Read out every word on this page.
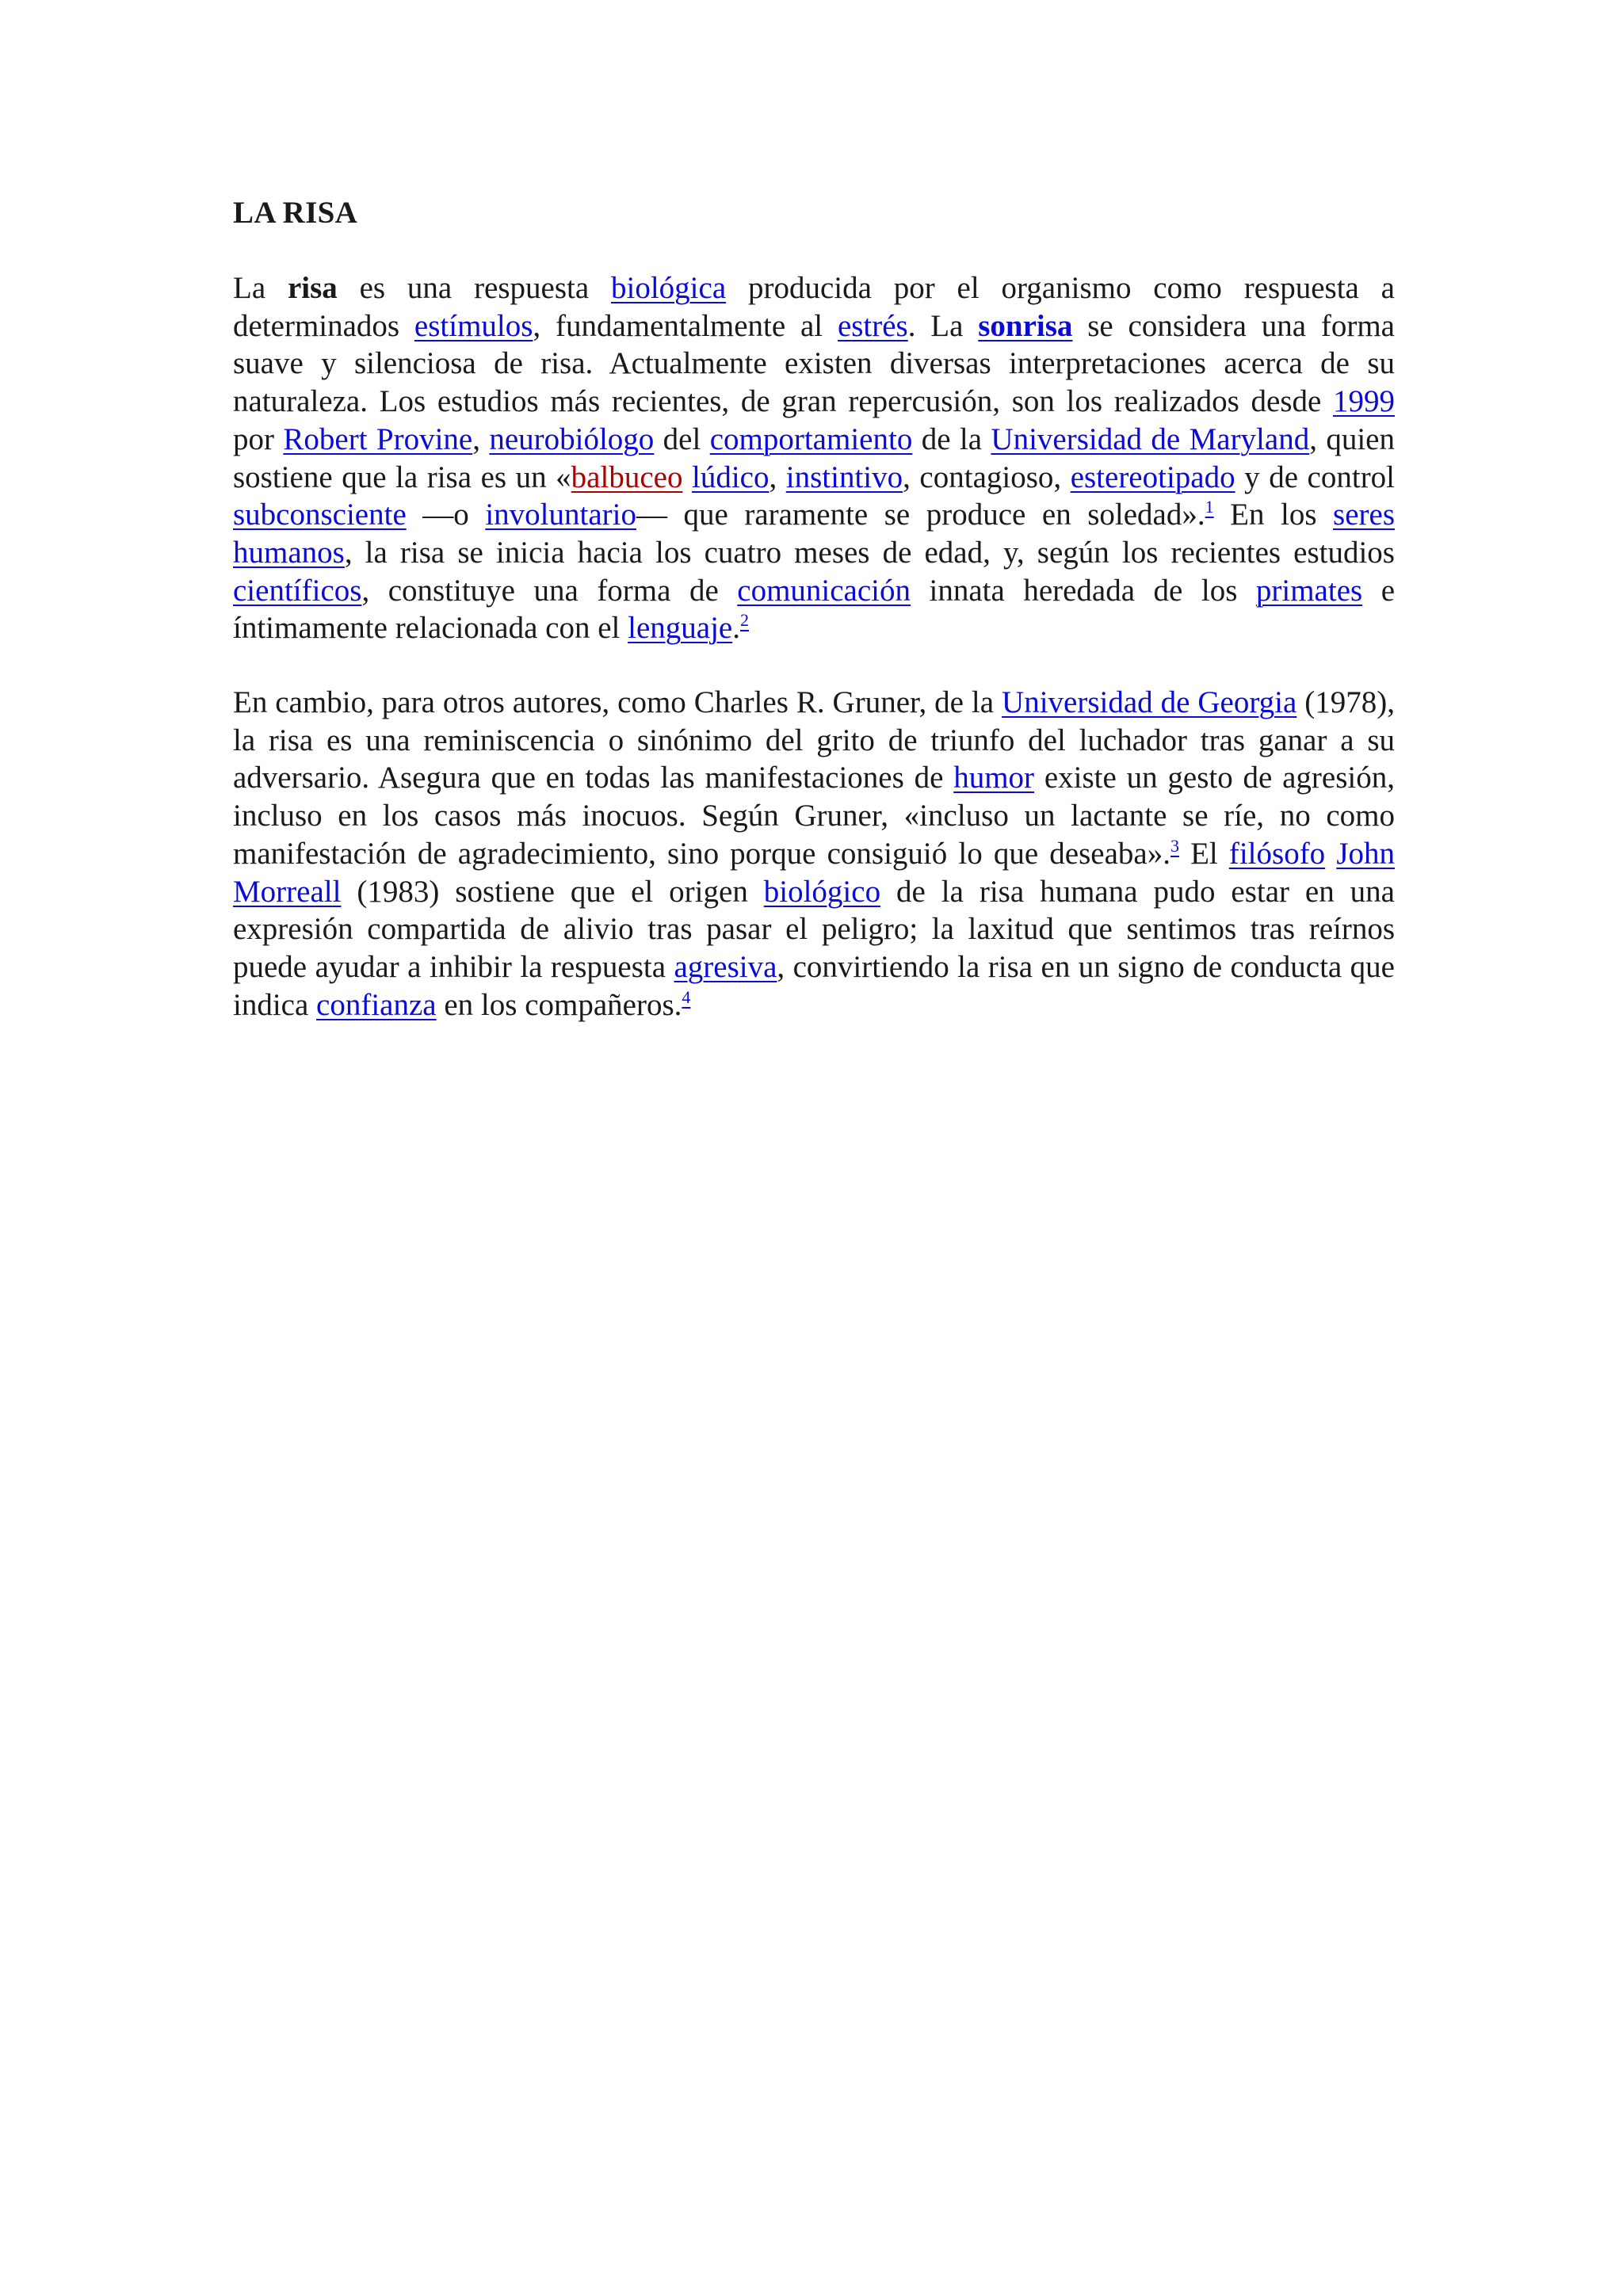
LA RISA

La risa es una respuesta biológica producida por el organismo como respuesta a determinados estímulos, fundamentalmente al estrés. La sonrisa se considera una forma suave y silenciosa de risa. Actualmente existen diversas interpretaciones acerca de su naturaleza. Los estudios más recientes, de gran repercusión, son los realizados desde 1999 por Robert Provine, neurobiólogo del comportamiento de la Universidad de Maryland, quien sostiene que la risa es un «balbuceo lúdico, instintivo, contagioso, estereotipado y de control subconsciente —o involuntario— que raramente se produce en soledad».$^1$ En los seres humanos, la risa se inicia hacia los cuatro meses de edad, y, según los recientes estudios científicos, constituye una forma de comunicación innata heredada de los primates e íntimamente relacionada con el lenguaje.$^2$

En cambio, para otros autores, como Charles R. Gruner, de la Universidad de Georgia (1978), la risa es una reminiscencia o sinónimo del grito de triunfo del luchador tras ganar a su adversario. Asegura que en todas las manifestaciones de humor existe un gesto de agresión, incluso en los casos más inocuos. Según Gruner, «incluso un lactante se ríe, no como manifestación de agradecimiento, sino porque consiguió lo que deseaba».$^3$ El filósofo John Morreall (1983) sostiene que el origen biológico de la risa humana pudo estar en una expresión compartida de alivio tras pasar el peligro; la laxitud que sentimos tras reírnos puede ayudar a inhibir la respuesta agresiva, convirtiendo la risa en un signo de conducta que indica confianza en los compañeros.$^4$
